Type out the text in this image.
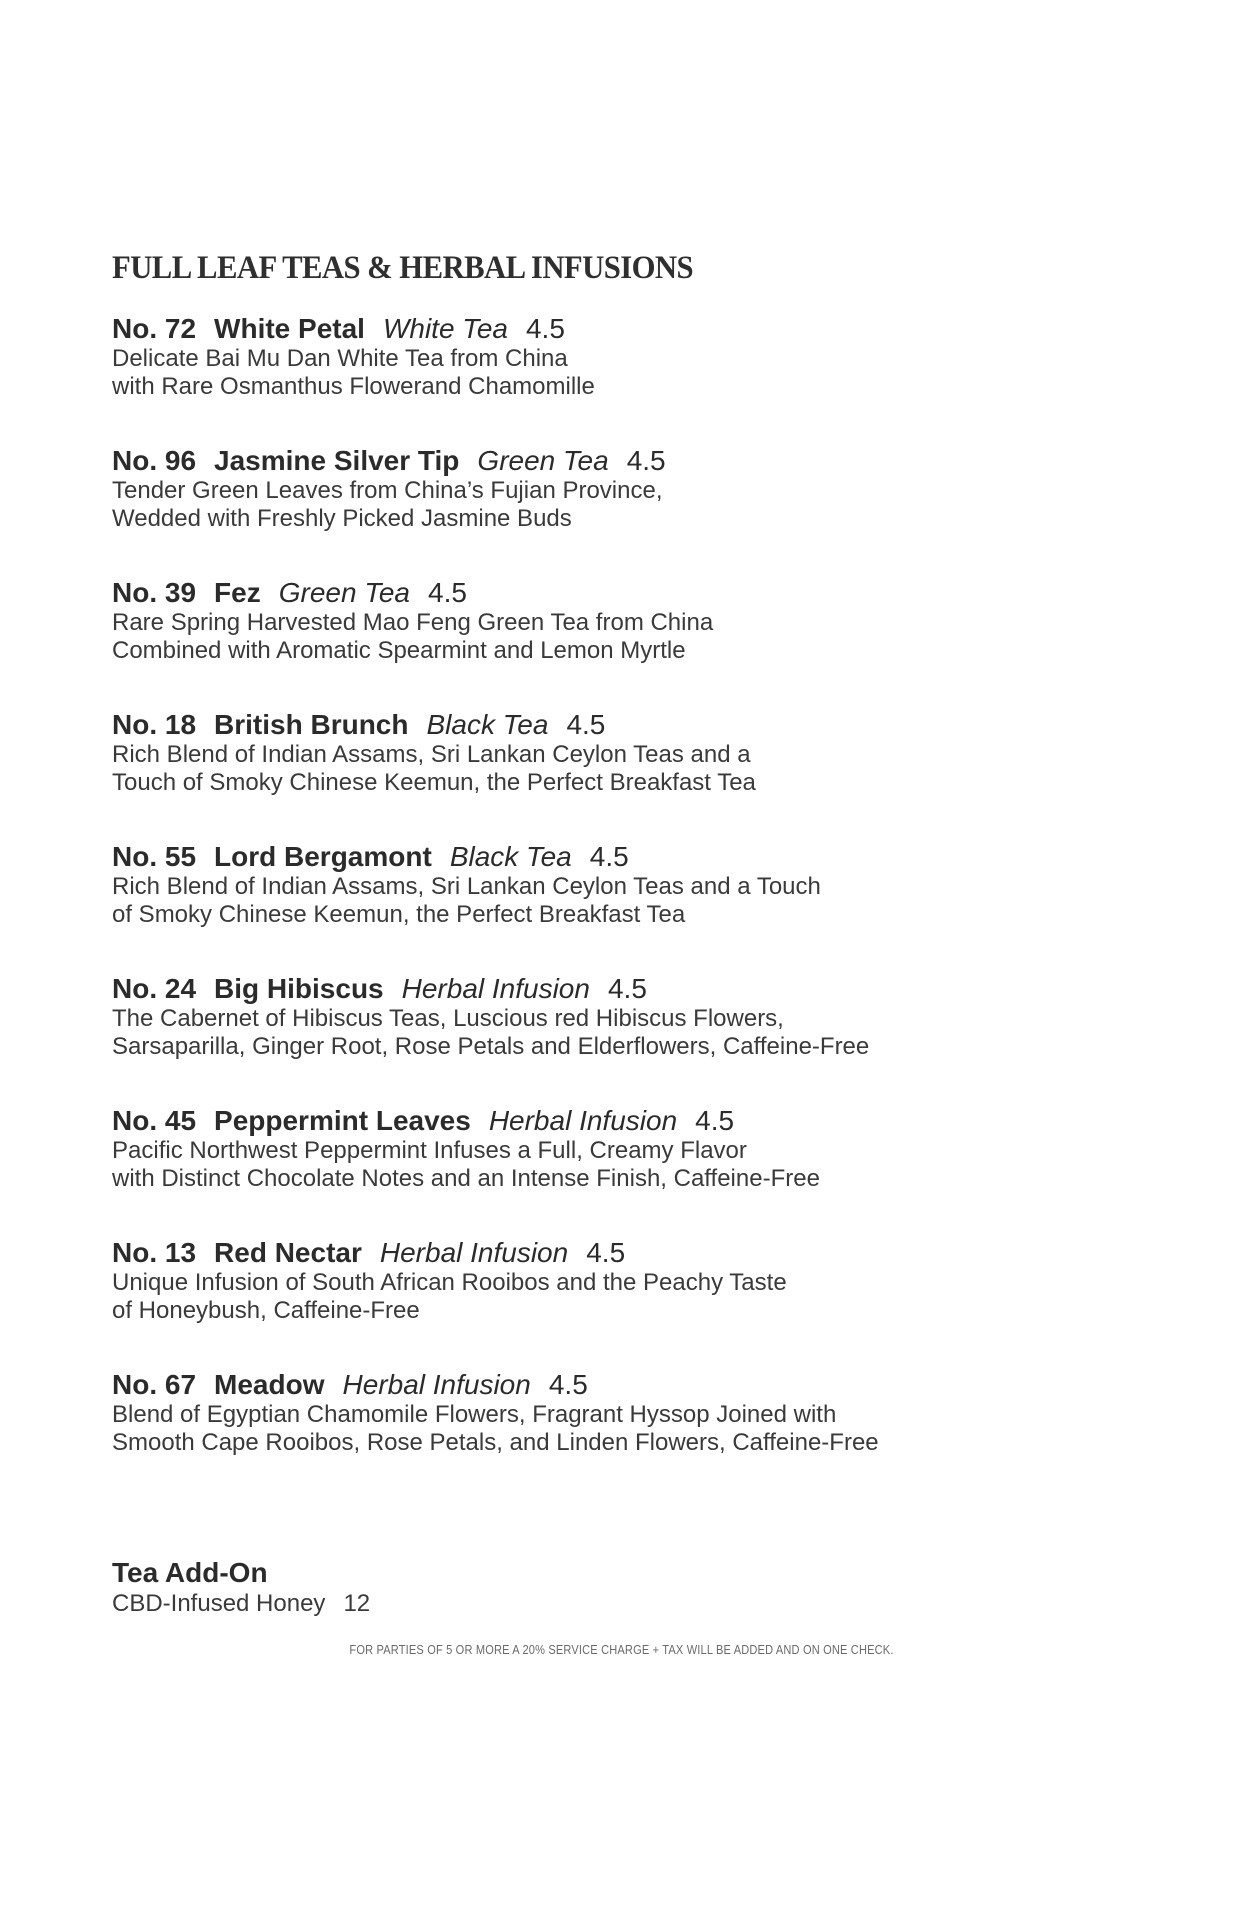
FULL LEAF TEAS & HERBAL INFUSIONS
No. 72 White Petal White Tea 4.5
Delicate Bai Mu Dan White Tea from China
with Rare Osmanthus Flowerand Chamomille
No. 96 Jasmine Silver Tip Green Tea 4.5
Tender Green Leaves from China’s Fujian Province,
Wedded with Freshly Picked Jasmine Buds
No. 39 Fez Green Tea 4.5
Rare Spring Harvested Mao Feng Green Tea from China
Combined with Aromatic Spearmint and Lemon Myrtle
No. 18 British Brunch Black Tea 4.5
Rich Blend of Indian Assams, Sri Lankan Ceylon Teas and a
Touch of Smoky Chinese Keemun, the Perfect Breakfast Tea
No. 55 Lord Bergamont Black Tea 4.5
Rich Blend of Indian Assams, Sri Lankan Ceylon Teas and a Touch
of Smoky Chinese Keemun, the Perfect Breakfast Tea
No. 24 Big Hibiscus Herbal Infusion 4.5
The Cabernet of Hibiscus Teas, Luscious red Hibiscus Flowers,
Sarsaparilla, Ginger Root, Rose Petals and Elderflowers, Caffeine-Free
No. 45 Peppermint Leaves Herbal Infusion 4.5
Pacific Northwest Peppermint Infuses a Full, Creamy Flavor
with Distinct Chocolate Notes and an Intense Finish, Caffeine-Free
No. 13 Red Nectar Herbal Infusion 4.5
Unique Infusion of South African Rooibos and the Peachy Taste
of Honeybush, Caffeine-Free
No. 67 Meadow Herbal Infusion 4.5
Blend of Egyptian Chamomile Flowers, Fragrant Hyssop Joined with
Smooth Cape Rooibos, Rose Petals, and Linden Flowers, Caffeine-Free
Tea Add-On
CBD-Infused Honey 12
FOR PARTIES OF 5 OR MORE A 20% SERVICE CHARGE + TAX WILL BE ADDED AND ON ONE CHECK.
